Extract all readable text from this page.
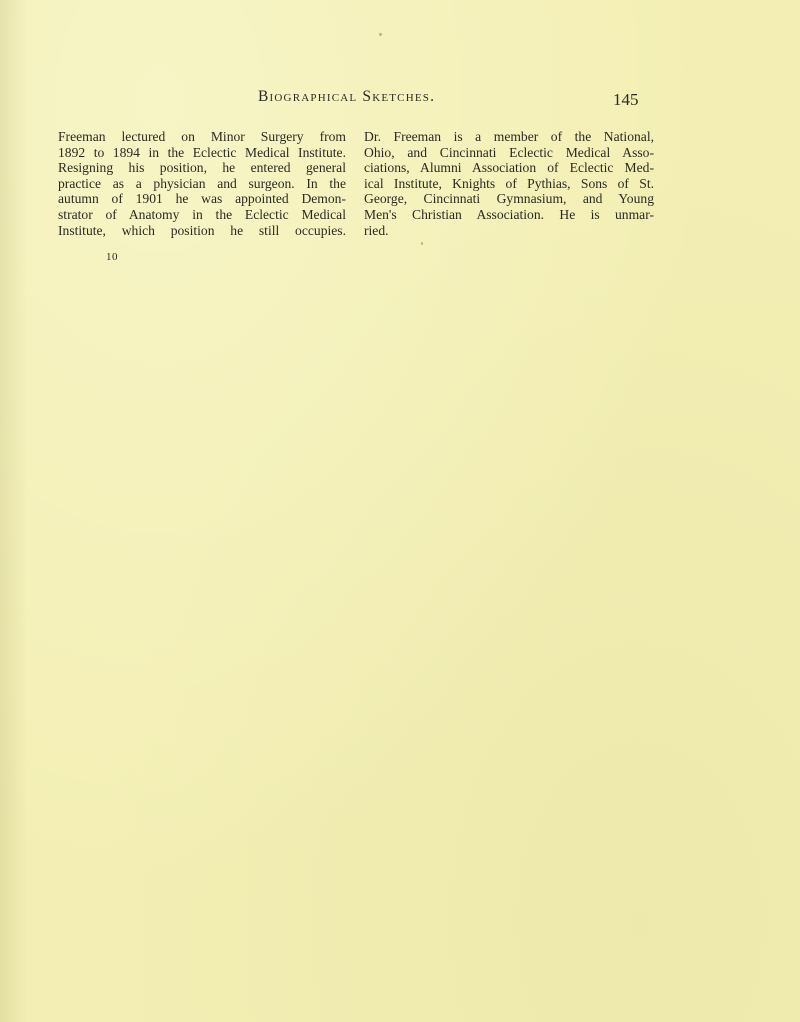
Biographical Sketches.	145
Freeman lectured on Minor Surgery from
1892 to 1894 in the Eclectic Medical Institute.
Resigning his position, he entered general
practice as a physician and surgeon. In the
autumn of 1901 he was appointed Demon-
strator of Anatomy in the Eclectic Medical
Institute, which position he still occupies.
10
Dr. Freeman is a member of the National,
Ohio, and Cincinnati Eclectic Medical Asso-
ciations, Alumni Association of Eclectic Med-
ical Institute, Knights of Pythias, Sons of St.
George, Cincinnati Gymnasium, and Young
Men's Christian Association. He is unmar-
ried.
